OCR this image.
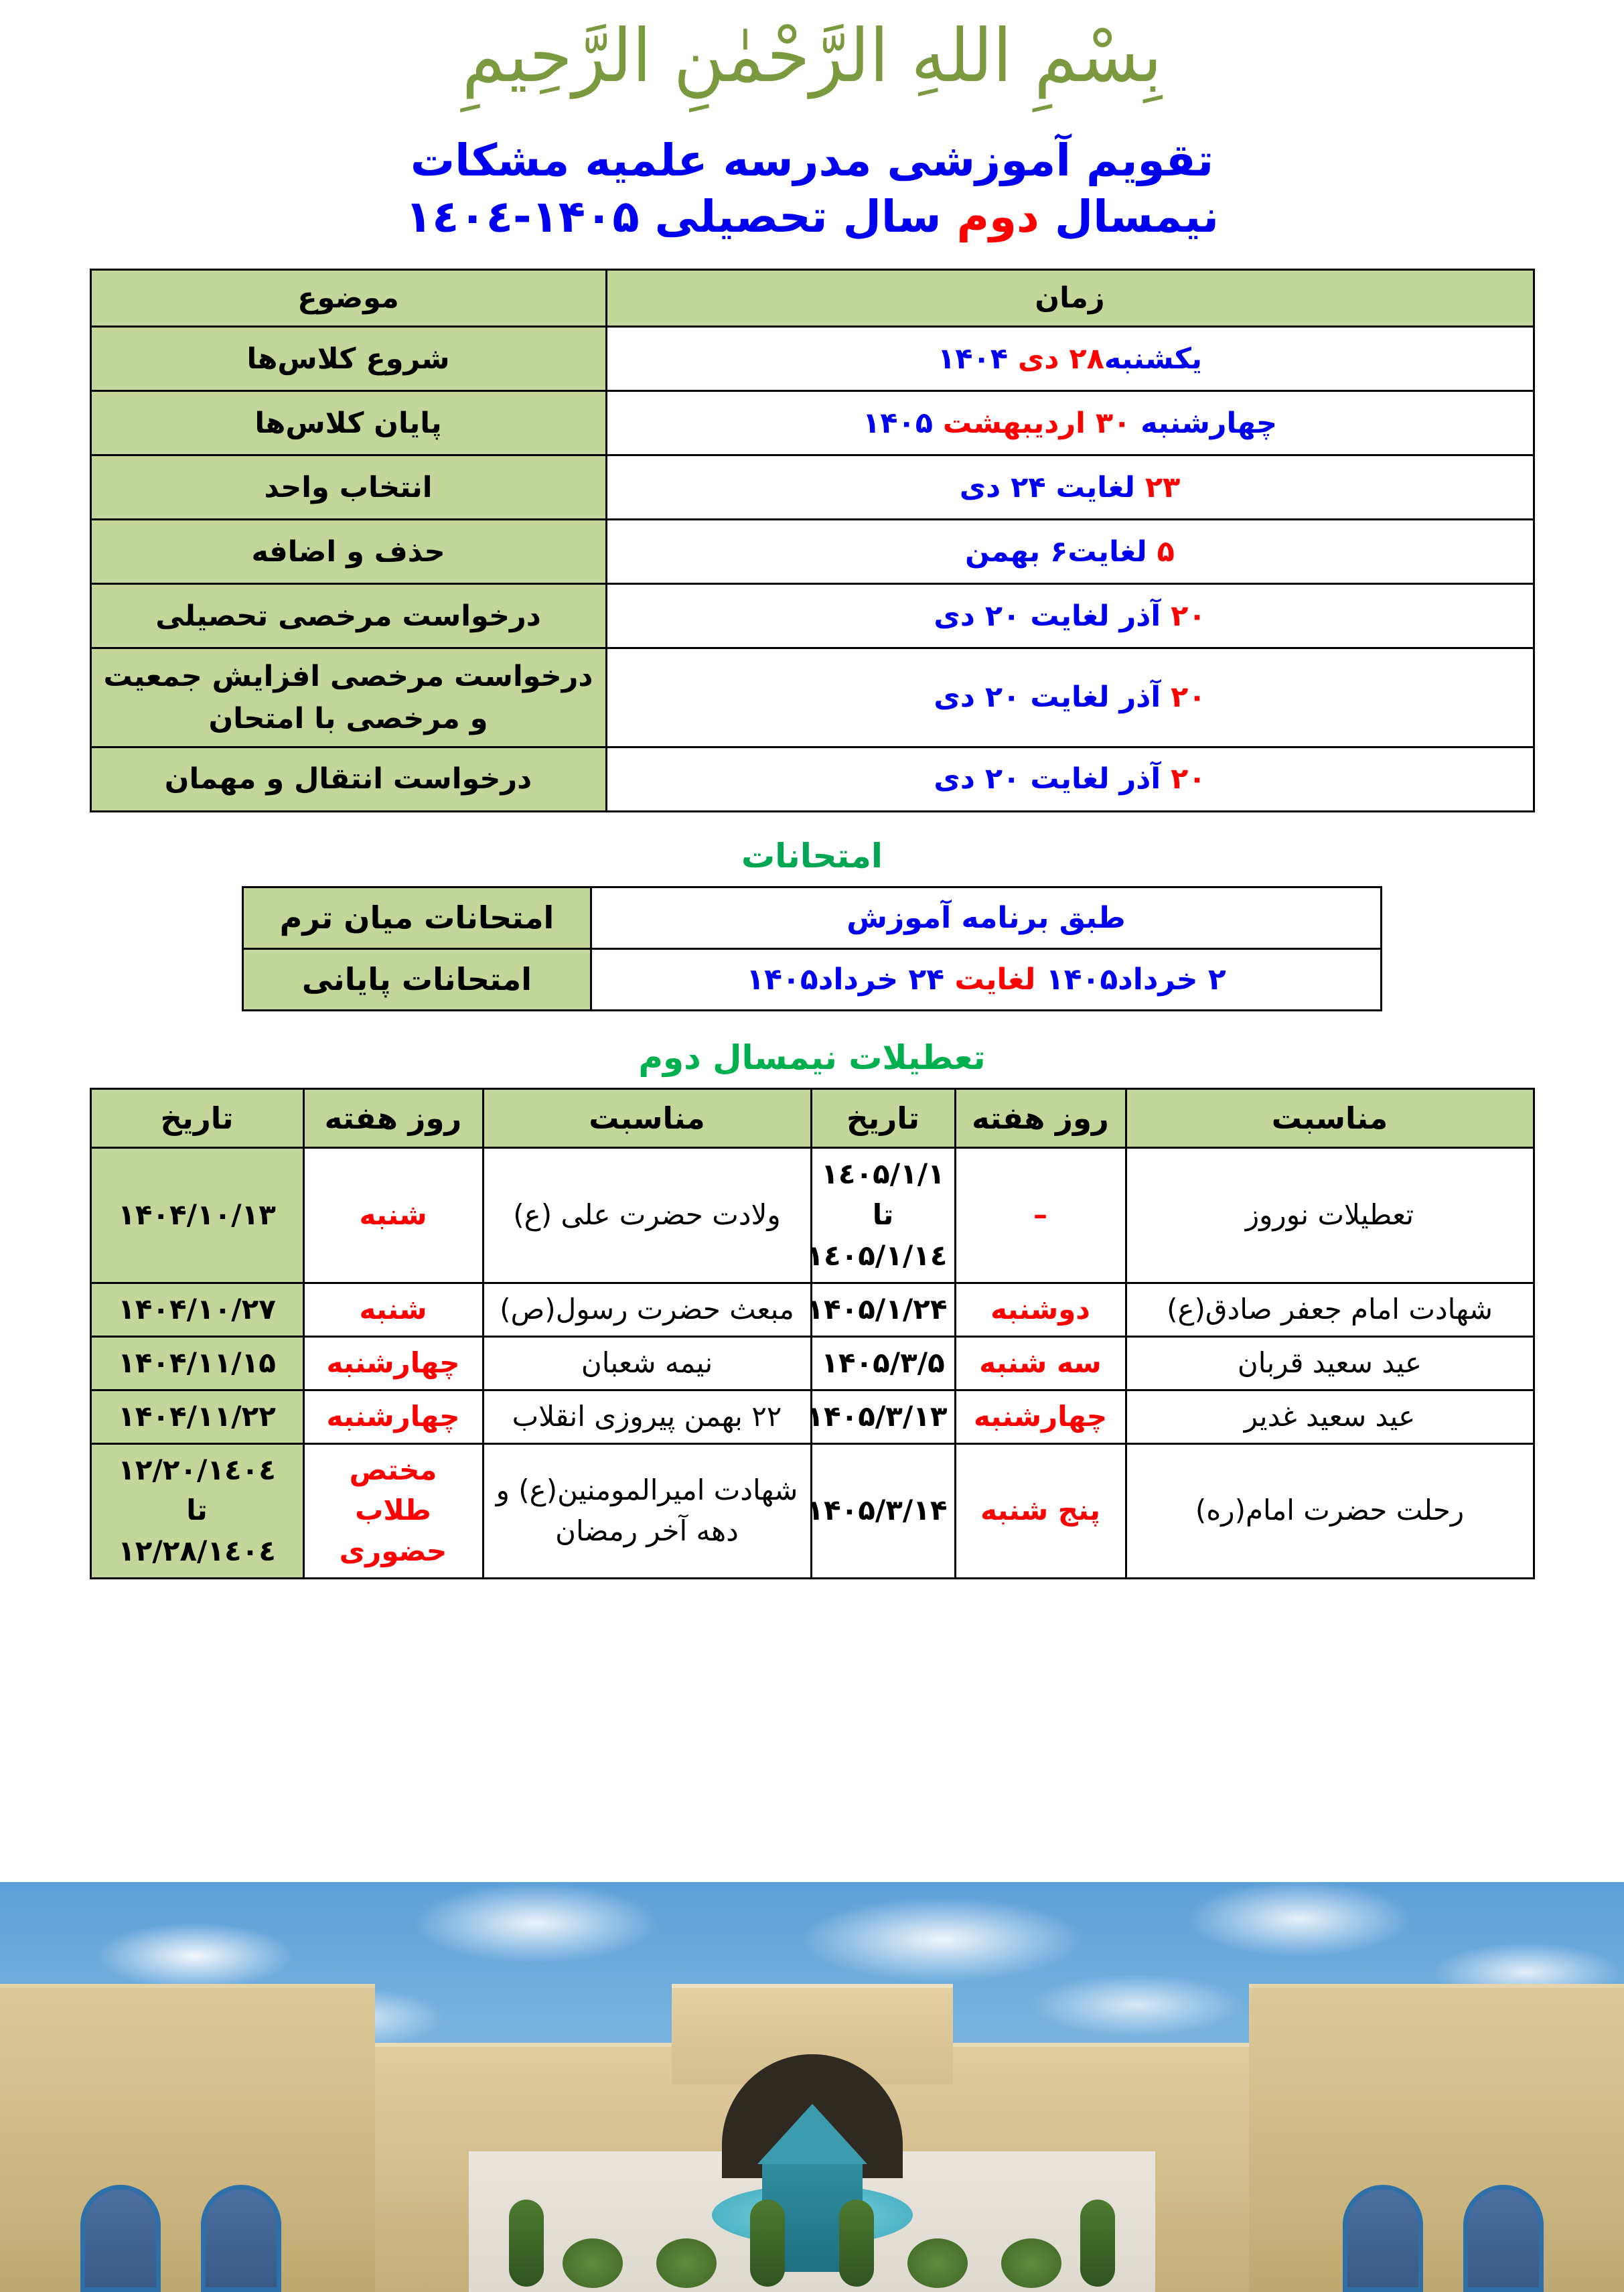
بِسْمِ اللهِ الرَّحْمٰنِ الرَّحِيمِ
تقویم آموزشی مدرسه علمیه مشکات
نیمسال دوم سال تحصیلی ۱۴۰۵-۱٤۰٤
زمان	موضوع
یکشنبه۲۸ دی ۱۴۰۴	شروع کلاس‌ها
چهارشنبه ۳۰ اردیبهشت ۱۴۰۵	پایان کلاس‌ها
۲۳ لغایت ۲۴ دی	انتخاب واحد
۵ لغایت۶ بهمن	حذف و اضافه
۲۰ آذر لغایت ۲۰ دی	درخواست مرخصی تحصیلی
۲۰ آذر لغایت ۲۰ دی	درخواست مرخصی افزایش جمعیت و مرخصی با امتحان
۲۰ آذر لغایت ۲۰ دی	درخواست انتقال و مهمان
امتحانات
طبق برنامه آموزش	امتحانات میان ترم
۲ خرداد۱۴۰۵ لغایت ۲۴ خرداد۱۴۰۵	امتحانات پایانی
تعطیلات نیمسال دوم
مناسبت	روز هفته	تاریخ	مناسبت	روز هفته	تاریخ
تعطیلات نوروز	–	۱٤۰۵/۱/۱
تا
۱٤۰۵/۱/۱٤	ولادت حضرت علی (ع)	شنبه	۱۴۰۴/۱۰/۱۳
شهادت امام جعفر صادق(ع)	دوشنبه	۱۴۰۵/۱/۲۴	مبعث حضرت رسول(ص)	شنبه	۱۴۰۴/۱۰/۲۷
عید سعید قربان	سه شنبه	۱۴۰۵/۳/۵	نیمه شعبان	چهارشنبه	۱۴۰۴/۱۱/۱۵
عید سعید غدیر	چهارشنبه	۱۴۰۵/۳/۱۳	۲۲ بهمن پیروزی انقلاب	چهارشنبه	۱۴۰۴/۱۱/۲۲
رحلت حضرت امام(ره)	پنج شنبه	۱۴۰۵/۳/۱۴	شهادت امیرالمومنین(ع) و دهه آخر رمضان	مختص طلاب حضوری	۱٤۰٤/۱۲/۲۰
تا
۱٤۰٤/۱۲/۲۸
